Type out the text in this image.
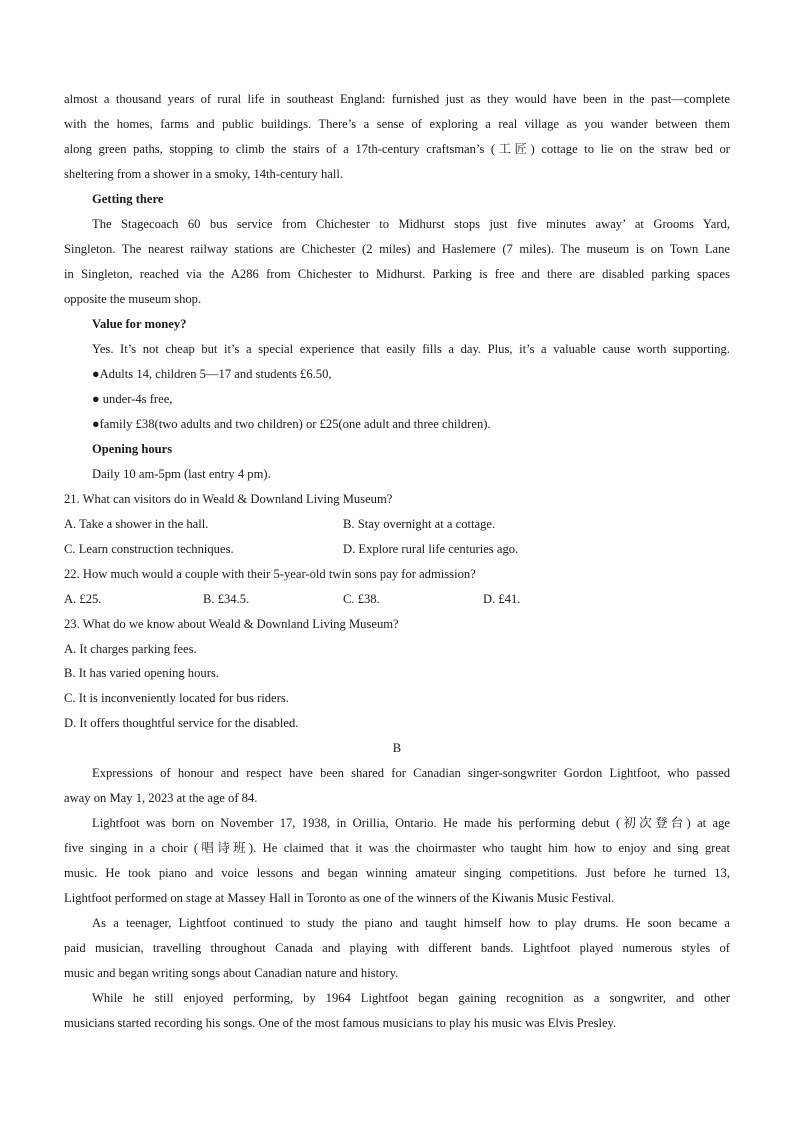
almost a thousand years of rural life in southeast England: furnished just as they would have been in the past—complete
with the homes, farms and public buildings. There’s a sense of exploring a real village as you wander between them
along green paths, stopping to climb the stairs of a 17th-century craftsman’s (工匠) cottage to lie on the straw bed or
sheltering from a shower in a smoky, 14th-century hall.
Getting there
The Stagecoach 60 bus service from Chichester to Midhurst stops just five minutes away’ at Grooms Yard,
Singleton. The nearest railway stations are Chichester (2 miles) and Haslemere (7 miles). The museum is on Town Lane
in Singleton, reached via the A286 from Chichester to Midhurst. Parking is free and there are disabled parking spaces
opposite the museum shop.
Value for money?
Yes. It’s not cheap but it’s a special experience that easily fills a day. Plus, it’s a valuable cause worth supporting.
●Adults 14, children 5—17 and students £6.50,
● under-4s free,
●family £38(two adults and two children) or £25(one adult and three children).
Opening hours
Daily 10 am-5pm (last entry 4 pm).
21. What can visitors do in Weald & Downland Living Museum?
A. Take a shower in the hall.	B. Stay overnight at a cottage.
C. Learn construction techniques.	D. Explore rural life centuries ago.
22. How much would a couple with their 5-year-old twin sons pay for admission?
A. £25.	B. £34.5.	C. £38.	D. £41.
23. What do we know about Weald & Downland Living Museum?
A. It charges parking fees.
B. It has varied opening hours.
C. It is inconveniently located for bus riders.
D. It offers thoughtful service for the disabled.
B
Expressions of honour and respect have been shared for Canadian singer-songwriter Gordon Lightfoot, who passed
away on May 1, 2023 at the age of 84.
Lightfoot was born on November 17, 1938, in Orillia, Ontario. He made his performing debut (初次登台) at age
five singing in a choir (唱诗班). He claimed that it was the choirmaster who taught him how to enjoy and sing great
music. He took piano and voice lessons and began winning amateur singing competitions. Just before he turned 13,
Lightfoot performed on stage at Massey Hall in Toronto as one of the winners of the Kiwanis Music Festival.
As a teenager, Lightfoot continued to study the piano and taught himself how to play drums. He soon became a
paid musician, travelling throughout Canada and playing with different bands. Lightfoot played numerous styles of
music and began writing songs about Canadian nature and history.
While he still enjoyed performing, by 1964 Lightfoot began gaining recognition as a songwriter, and other
musicians started recording his songs. One of the most famous musicians to play his music was Elvis Presley.
